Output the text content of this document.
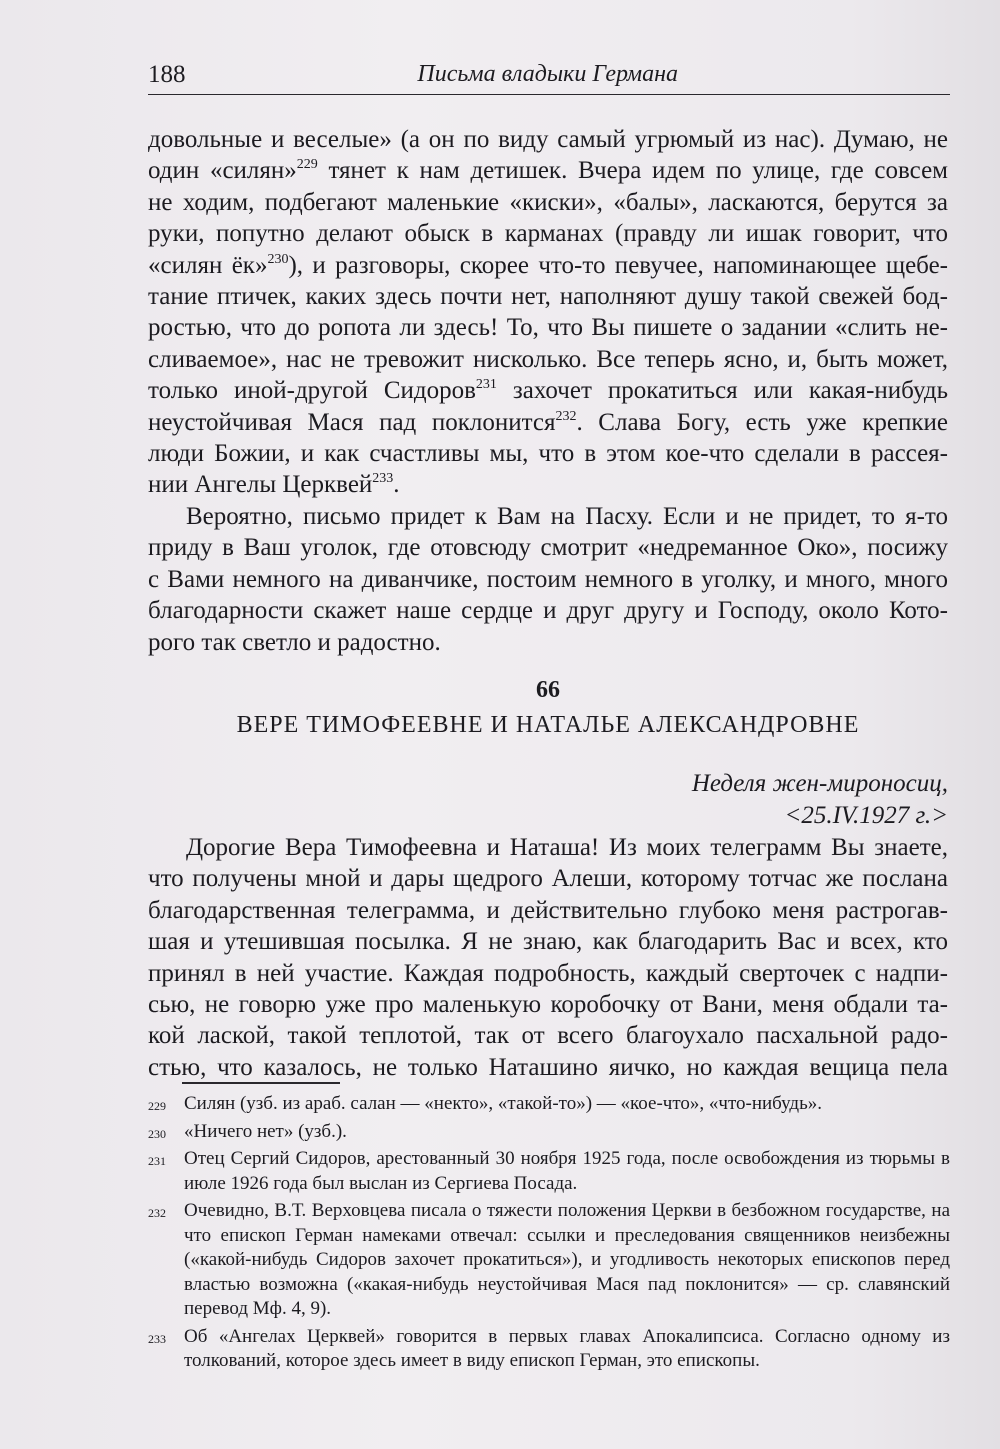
188	Письма владыки Германа

довольные и веселые» (а он по виду самый угрюмый из нас). Думаю, не
один «силян»$^{229}$ тянет к нам детишек. Вчера идем по улице, где совсем
не ходим, подбегают маленькие «киски», «балы», ласкаются, берутся за
руки, попутно делают обыск в карманах (правду ли ишак говорит, что
«силян ёк»$^{230}$), и разговоры, скорее что-то певучее, напоминающее щебе-
тание птичек, каких здесь почти нет, наполняют душу такой свежей бод-
ростью, что до ропота ли здесь! То, что Вы пишете о задании «слить не-
сливаемое», нас не тревожит нисколько. Все теперь ясно, и, быть может,
только иной-другой Сидоров$^{231}$ захочет прокатиться или какая-нибудь
неустойчивая Мася пад поклонится$^{232}$. Слава Богу, есть уже крепкие
люди Божии, и как счастливы мы, что в этом кое-что сделали в рассея-
нии Ангелы Церквей$^{233}$.

Вероятно, письмо придет к Вам на Пасху. Если и не придет, то я-то
приду в Ваш уголок, где отовсюду смотрит «недреманное Око», посижу
с Вами немного на диванчике, постоим немного в уголку, и много, много
благодарности скажет наше сердце и друг другу и Господу, около Кото-
рого так светло и радостно.

66
ВЕРЕ ТИМОФЕЕВНЕ И НАТАЛЬЕ АЛЕКСАНДРОВНЕ
Неделя жен-мироносиц,
<25.IV.1927 г.>

Дорогие Вера Тимофеевна и Наташа! Из моих телеграмм Вы знаете,
что получены мной и дары щедрого Алеши, которому тотчас же послана
благодарственная телеграмма, и действительно глубоко меня растрогав-
шая и утешившая посылка. Я не знаю, как благодарить Вас и всех, кто
принял в ней участие. Каждая подробность, каждый свертoчек с надпи-
сью, не говорю уже про маленькую коробочку от Вани, меня обдали та-
кой лаской, такой теплотой, так от всего благоухало пасхальной радо-
стью, что казалось, не только Наташино яичко, но каждая вещица пела

229 Силян (узб. из араб. салан — «некто», «такой-то») — «кое-что», «что-нибудь».
230 «Ничего нет» (узб.).
231 Отец Сергий Сидоров, арестованный 30 ноября 1925 года, после освобождения из тюрьмы в июле 1926 года был выслан из Сергиева Посада.
232 Очевидно, В.Т. Верховцева писала о тяжести положения Церкви в безбожном государстве, на что епископ Герман намеками отвечал: ссылки и преследования священников неизбежны («какой-нибудь Сидоров захочет прокатиться»), и угодливость некоторых епископов перед властью возможна («какая-нибудь неустойчивая Мася пад поклонится» — ср. славянский перевод Мф. 4, 9).
233 Об «Ангелах Церквей» говорится в первых главах Апокалипсиса. Согласно одному из толкований, которое здесь имеет в виду епископ Герман, это епископы.
